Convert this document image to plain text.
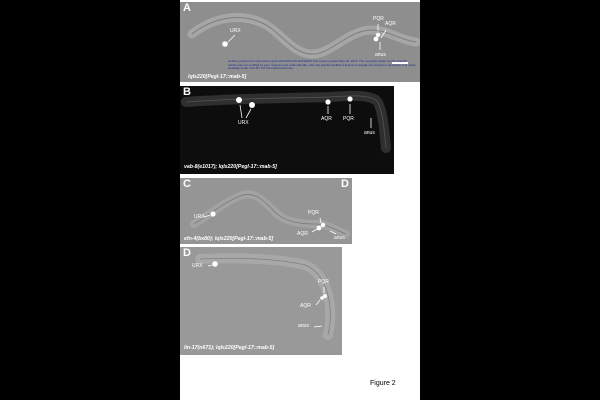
A
URX
PQR
AQR
anus
bioRxiv preprint doi: https://doi.org/10.1101/2023.05.26.542296; this version posted May 28, 2023. The copyright holder for this preprint
(which was not certified by peer review) is the author/funder, who has granted bioRxiv a license to display the preprint in perpetuity. It is made
available under aCC-BY 4.0 International license.
lqIs220[Pegl-17::mab-5]
B
URX
AQR PQR
anus
vab-8(e1017); lqIs220[Pegl-17::mab-5]
C	D
URX
PQR
AQR
anus
efn-4(bx80); lqIs220[Pegl-17::mab-5]
D
URX
PQR
AQR
anus
lin-17(n671); lqIs220[Pegl-17::mab-5]
Figure 2
